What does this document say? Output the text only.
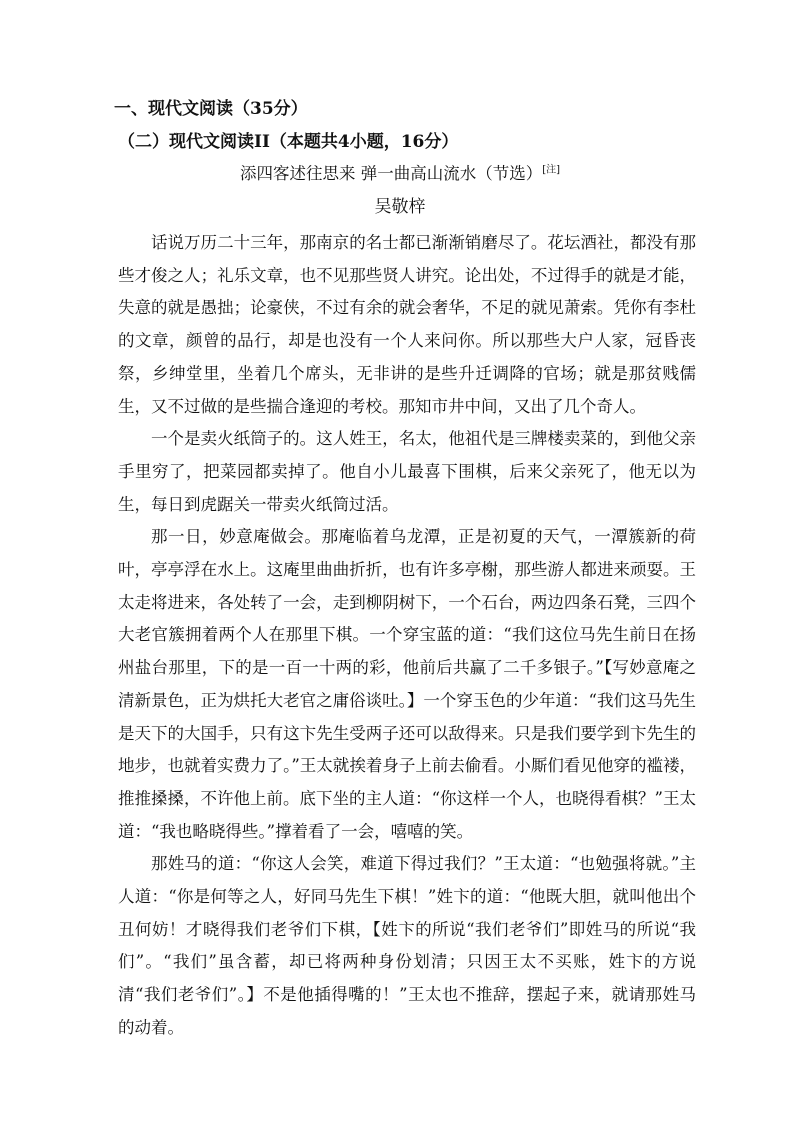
一、现代文阅读（35分）
（二）现代文阅读II（本题共4小题，16分）
添四客述往思来 弹一曲高山流水（节选）[注]
吴敬梓

话说万历二十三年，那南京的名士都已渐渐销磨尽了。花坛酒社，都没有那些才俊之人；礼乐文章，也不见那些贤人讲究。论出处，不过得手的就是才能，失意的就是愚拙；论豪侠，不过有余的就会奢华，不足的就见萧索。凭你有李杜的文章，颜曾的品行，却是也没有一个人来问你。所以那些大户人家，冠昏丧祭，乡绅堂里，坐着几个席头，无非讲的是些升迁调降的官场；就是那贫贱儒生，又不过做的是些揣合逢迎的考校。那知市井中间，又出了几个奇人。

一个是卖火纸筒子的。这人姓王，名太，他祖代是三牌楼卖菜的，到他父亲手里穷了，把菜园都卖掉了。他自小儿最喜下围棋，后来父亲死了，他无以为生，每日到虎踞关一带卖火纸筒过活。

那一日，妙意庵做会。那庵临着乌龙潭，正是初夏的天气，一潭簇新的荷叶，亭亭浮在水上。这庵里曲曲折折，也有许多亭榭，那些游人都进来顽耍。王太走将进来，各处转了一会，走到柳阴树下，一个石台，两边四条石凳，三四个大老官簇拥着两个人在那里下棋。一个穿宝蓝的道：“我们这位马先生前日在扬州盐台那里，下的是一百一十两的彩，他前后共赢了二千多银子。”【写妙意庵之清新景色，正为烘托大老官之庸俗谈吐。】一个穿玉色的少年道：“我们这马先生是天下的大国手，只有这卞先生受两子还可以敌得来。只是我们要学到卞先生的地步，也就着实费力了。”王太就挨着身子上前去偷看。小厮们看见他穿的褴褛，推推搡搡，不许他上前。底下坐的主人道：“你这样一个人，也晓得看棋？”王太道：“我也略晓得些。”撑着看了一会，嘻嘻的笑。

那姓马的道：“你这人会笑，难道下得过我们？”王太道：“也勉强将就。”主人道：“你是何等之人，好同马先生下棋！”姓卞的道：“他既大胆，就叫他出个丑何妨！才晓得我们老爷们下棋，【姓卞的所说“我们老爷们”即姓马的所说“我们”。“我们”虽含蓄，却已将两种身份划清；只因王太不买账，姓卞的方说清“我们老爷们”。】不是他插得嘴的！”王太也不推辞，摆起子来，就请那姓马的动着。
